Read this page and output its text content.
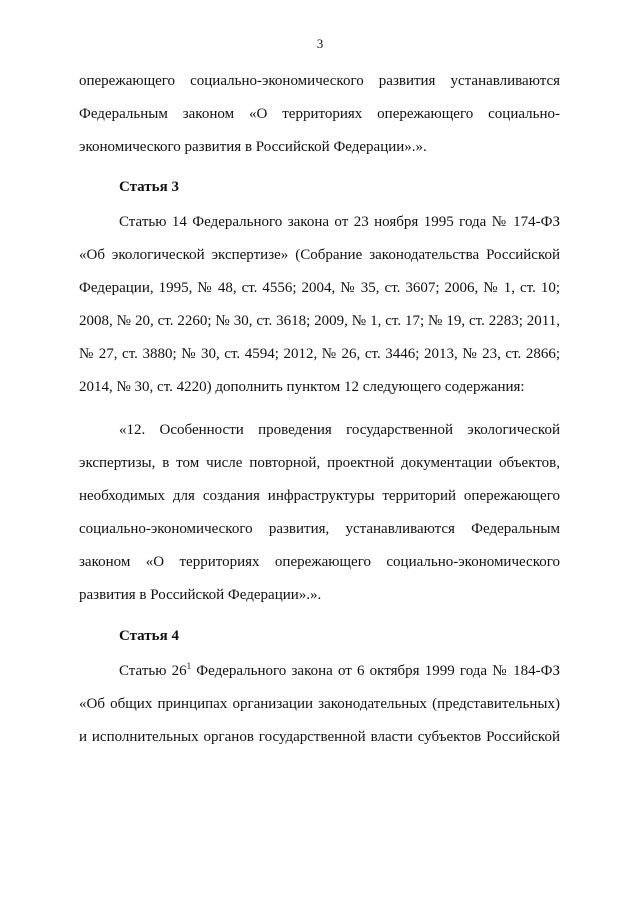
3
опережающего социально-экономического развития устанавливаются
Федеральным законом «О территориях опережающего социально-
экономического развития в Российской Федерации».».
Статья 3
Статью 14 Федерального закона от 23 ноября 1995 года № 174-ФЗ
«Об экологической экспертизе» (Собрание законодательства Российской
Федерации, 1995, № 48, ст. 4556; 2004, № 35, ст. 3607; 2006, № 1, ст. 10;
2008, № 20, ст. 2260; № 30, ст. 3618; 2009, № 1, ст. 17; № 19, ст. 2283; 2011,
№ 27, ст. 3880; № 30, ст. 4594; 2012, № 26, ст. 3446; 2013, № 23, ст. 2866;
2014, № 30, ст. 4220) дополнить пунктом 12 следующего содержания:
«12. Особенности проведения государственной экологической
экспертизы, в том числе повторной, проектной документации объектов,
необходимых для создания инфраструктуры территорий опережающего
социально-экономического развития, устанавливаются Федеральным
законом «О территориях опережающего социально-экономического
развития в Российской Федерации».».
Статья 4
Статью $26^1$ Федерального закона от 6 октября 1999 года № 184-ФЗ
«Об общих принципах организации законодательных (представительных)
и исполнительных органов государственной власти субъектов Российской
